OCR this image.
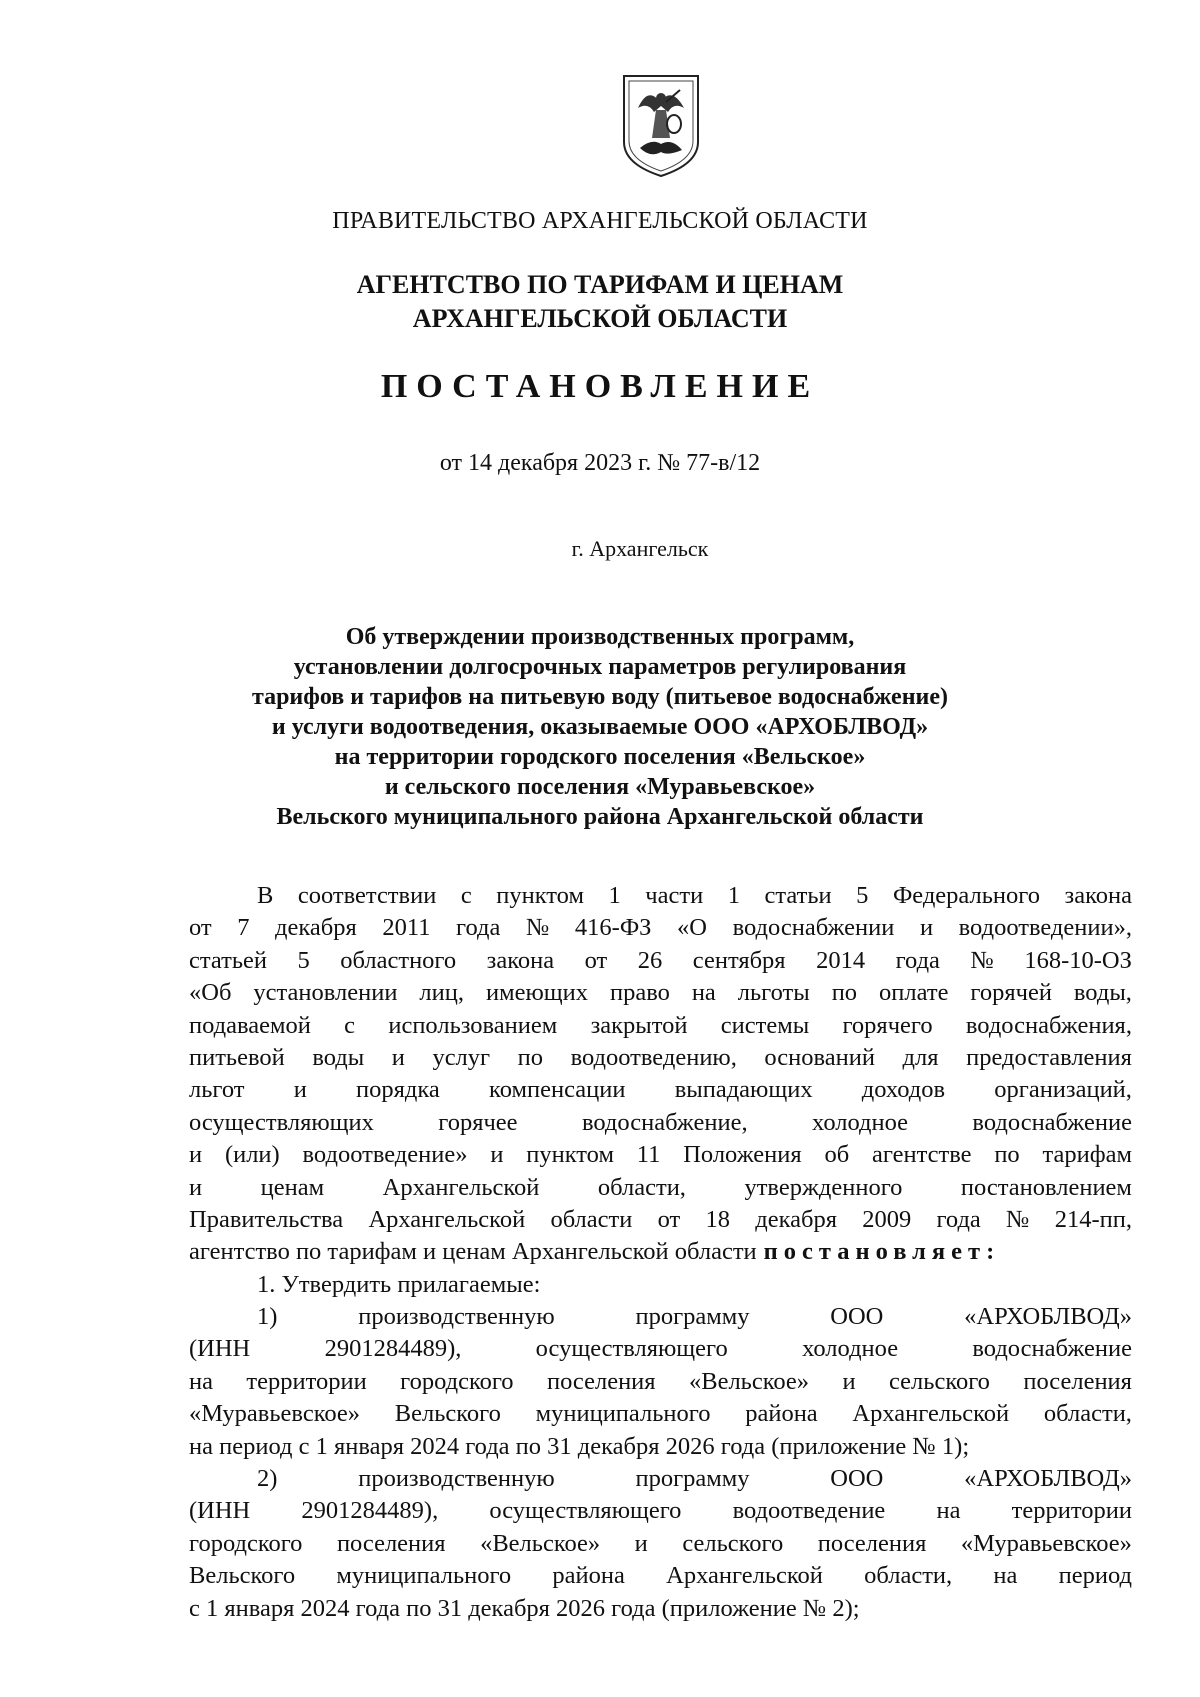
ПРАВИТЕЛЬСТВО АРХАНГЕЛЬСКОЙ ОБЛАСТИ
АГЕНТСТВО ПО ТАРИФАМ И ЦЕНАМ
АРХАНГЕЛЬСКОЙ ОБЛАСТИ
ПОСТАНОВЛЕНИЕ
от 14 декабря 2023 г. № 77-в/12
г. Архангельск
Об утверждении производственных программ,
установлении долгосрочных параметров регулирования
тарифов и тарифов на питьевую воду (питьевое водоснабжение)
и услуги водоотведения, оказываемые ООО «АРХОБЛВОД»
на территории городского поселения «Вельское»
и сельского поселения «Муравьевское»
Вельского муниципального района Архангельской области
В соответствии с пунктом 1 части 1 статьи 5 Федерального закона
от 7 декабря 2011 года № 416-ФЗ «О водоснабжении и водоотведении»,
статьей 5 областного закона от 26 сентября 2014 года № 168-10-ОЗ
«Об установлении лиц, имеющих право на льготы по оплате горячей воды,
подаваемой с использованием закрытой системы горячего водоснабжения,
питьевой воды и услуг по водоотведению, оснований для предоставления
льгот и порядка компенсации выпадающих доходов организаций,
осуществляющих	горячее	водоснабжение,	холодное	водоснабжение
и (или) водоотведение» и пунктом 11 Положения об агентстве по тарифам
и ценам Архангельской области, утвержденного постановлением
Правительства Архангельской области от 18 декабря 2009 года № 214-пп,
агентство по тарифам и ценам Архангельской области постановляет:
1. Утвердить прилагаемые:
1)	производственную	программу	ООО	«АРХОБЛВОД»
(ИНН	2901284489),	осуществляющего	холодное	водоснабжение
на территории городского поселения «Вельское» и сельского поселения
«Муравьевское» Вельского муниципального района Архангельской области,
на период с 1 января 2024 года по 31 декабря 2026 года (приложение № 1);
2)	производственную	программу	ООО	«АРХОБЛВОД»
(ИНН 2901284489), осуществляющего водоотведение на территории
городского поселения «Вельское» и сельского поселения «Муравьевское»
Вельского муниципального района Архангельской области, на период
с 1 января 2024 года по 31 декабря 2026 года (приложение № 2);
